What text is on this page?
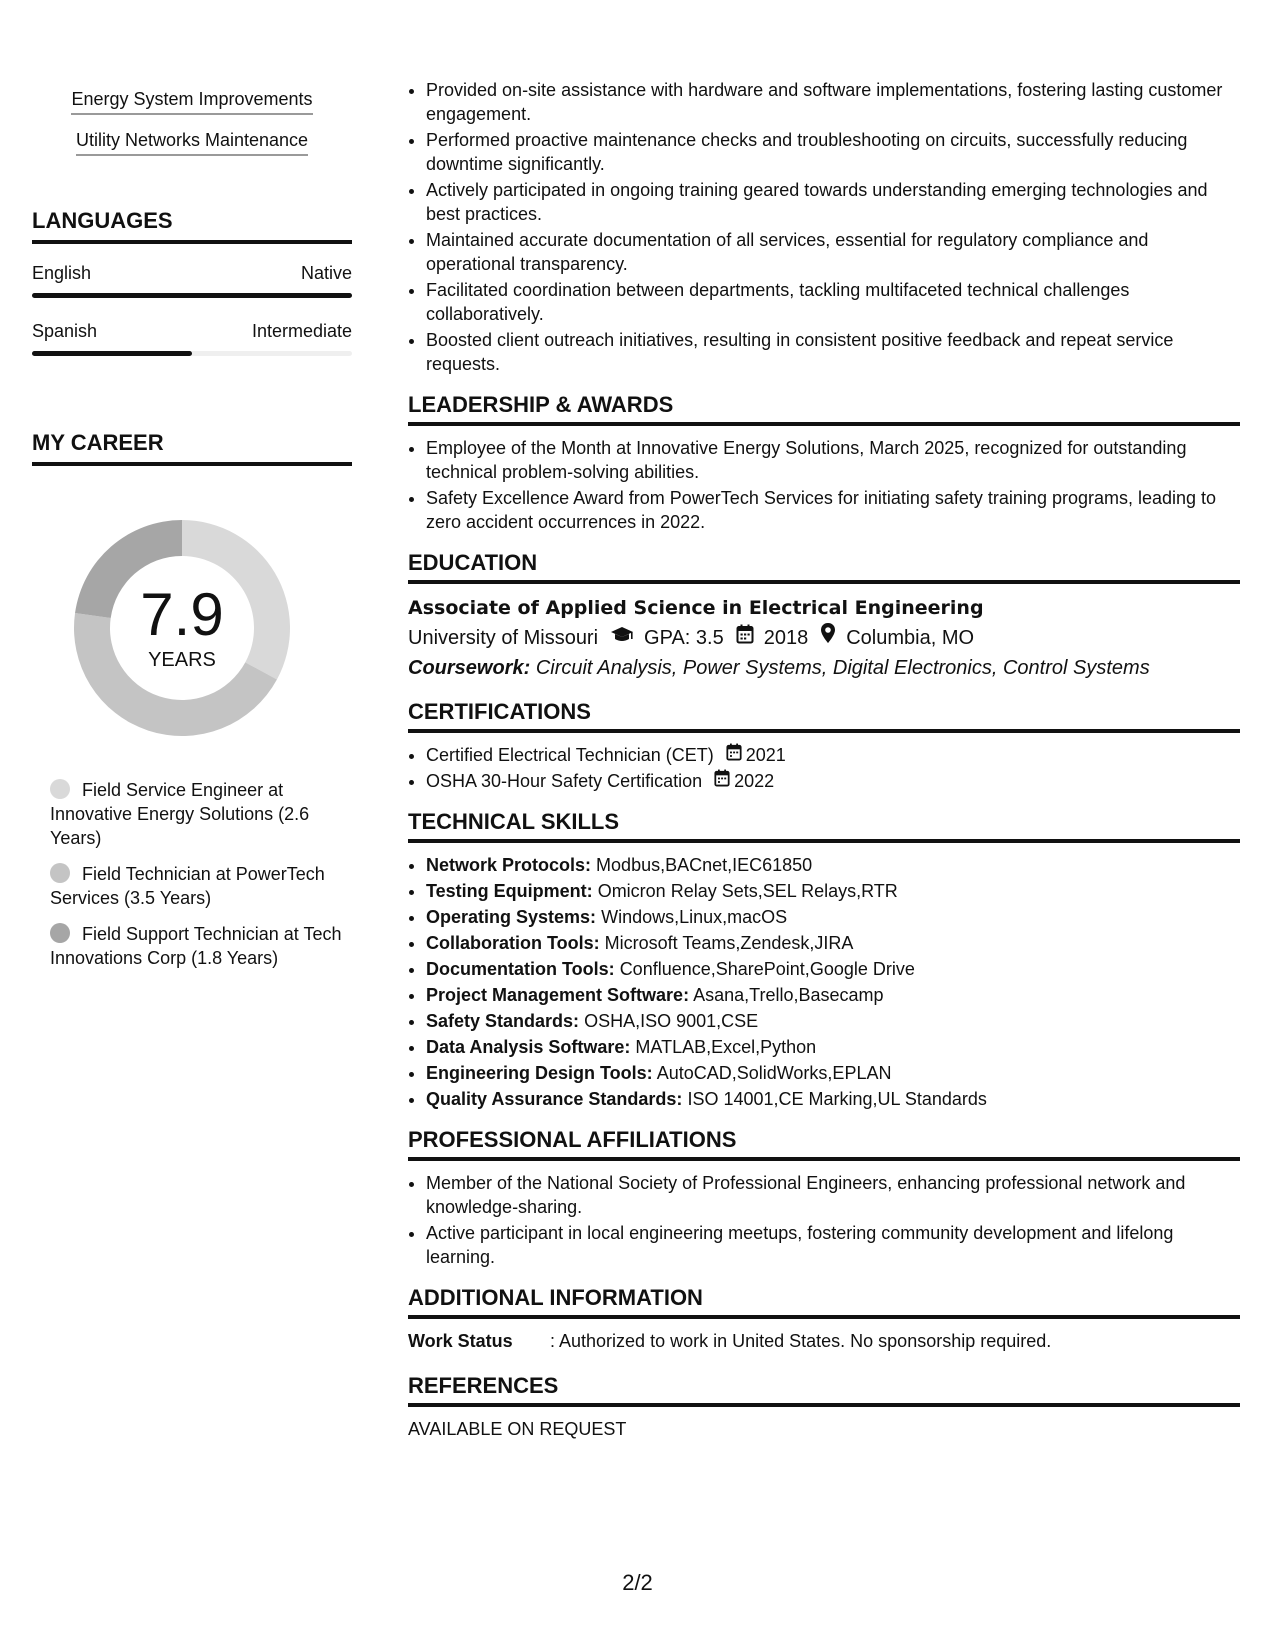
Energy System Improvements
Utility Networks Maintenance
LANGUAGES
English	Native
Spanish	Intermediate
MY CAREER
7.9
YEARS
Field Service Engineer at Innovative Energy Solutions (2.6 Years)
Field Technician at PowerTech Services (3.5 Years)
Field Support Technician at Tech Innovations Corp (1.8 Years)
• Provided on-site assistance with hardware and software implementations, fostering lasting customer engagement.
• Performed proactive maintenance checks and troubleshooting on circuits, successfully reducing downtime significantly.
• Actively participated in ongoing training geared towards understanding emerging technologies and best practices.
• Maintained accurate documentation of all services, essential for regulatory compliance and operational transparency.
• Facilitated coordination between departments, tackling multifaceted technical challenges collaboratively.
• Boosted client outreach initiatives, resulting in consistent positive feedback and repeat service requests.
LEADERSHIP & AWARDS
• Employee of the Month at Innovative Energy Solutions, March 2025, recognized for outstanding technical problem-solving abilities.
• Safety Excellence Award from PowerTech Services for initiating safety training programs, leading to zero accident occurrences in 2022.
EDUCATION
Associate of Applied Science in Electrical Engineering
University of Missouri GPA: 3.5 2018 Columbia, MO
Coursework: Circuit Analysis, Power Systems, Digital Electronics, Control Systems
CERTIFICATIONS
• Certified Electrical Technician (CET) 2021
• OSHA 30-Hour Safety Certification 2022
TECHNICAL SKILLS
• Network Protocols: Modbus,BACnet,IEC61850
• Testing Equipment: Omicron Relay Sets,SEL Relays,RTR
• Operating Systems: Windows,Linux,macOS
• Collaboration Tools: Microsoft Teams,Zendesk,JIRA
• Documentation Tools: Confluence,SharePoint,Google Drive
• Project Management Software: Asana,Trello,Basecamp
• Safety Standards: OSHA,ISO 9001,CSE
• Data Analysis Software: MATLAB,Excel,Python
• Engineering Design Tools: AutoCAD,SolidWorks,EPLAN
• Quality Assurance Standards: ISO 14001,CE Marking,UL Standards
PROFESSIONAL AFFILIATIONS
• Member of the National Society of Professional Engineers, enhancing professional network and knowledge-sharing.
• Active participant in local engineering meetups, fostering community development and lifelong learning.
ADDITIONAL INFORMATION
Work Status	: Authorized to work in United States. No sponsorship required.
REFERENCES
AVAILABLE ON REQUEST
2/2
